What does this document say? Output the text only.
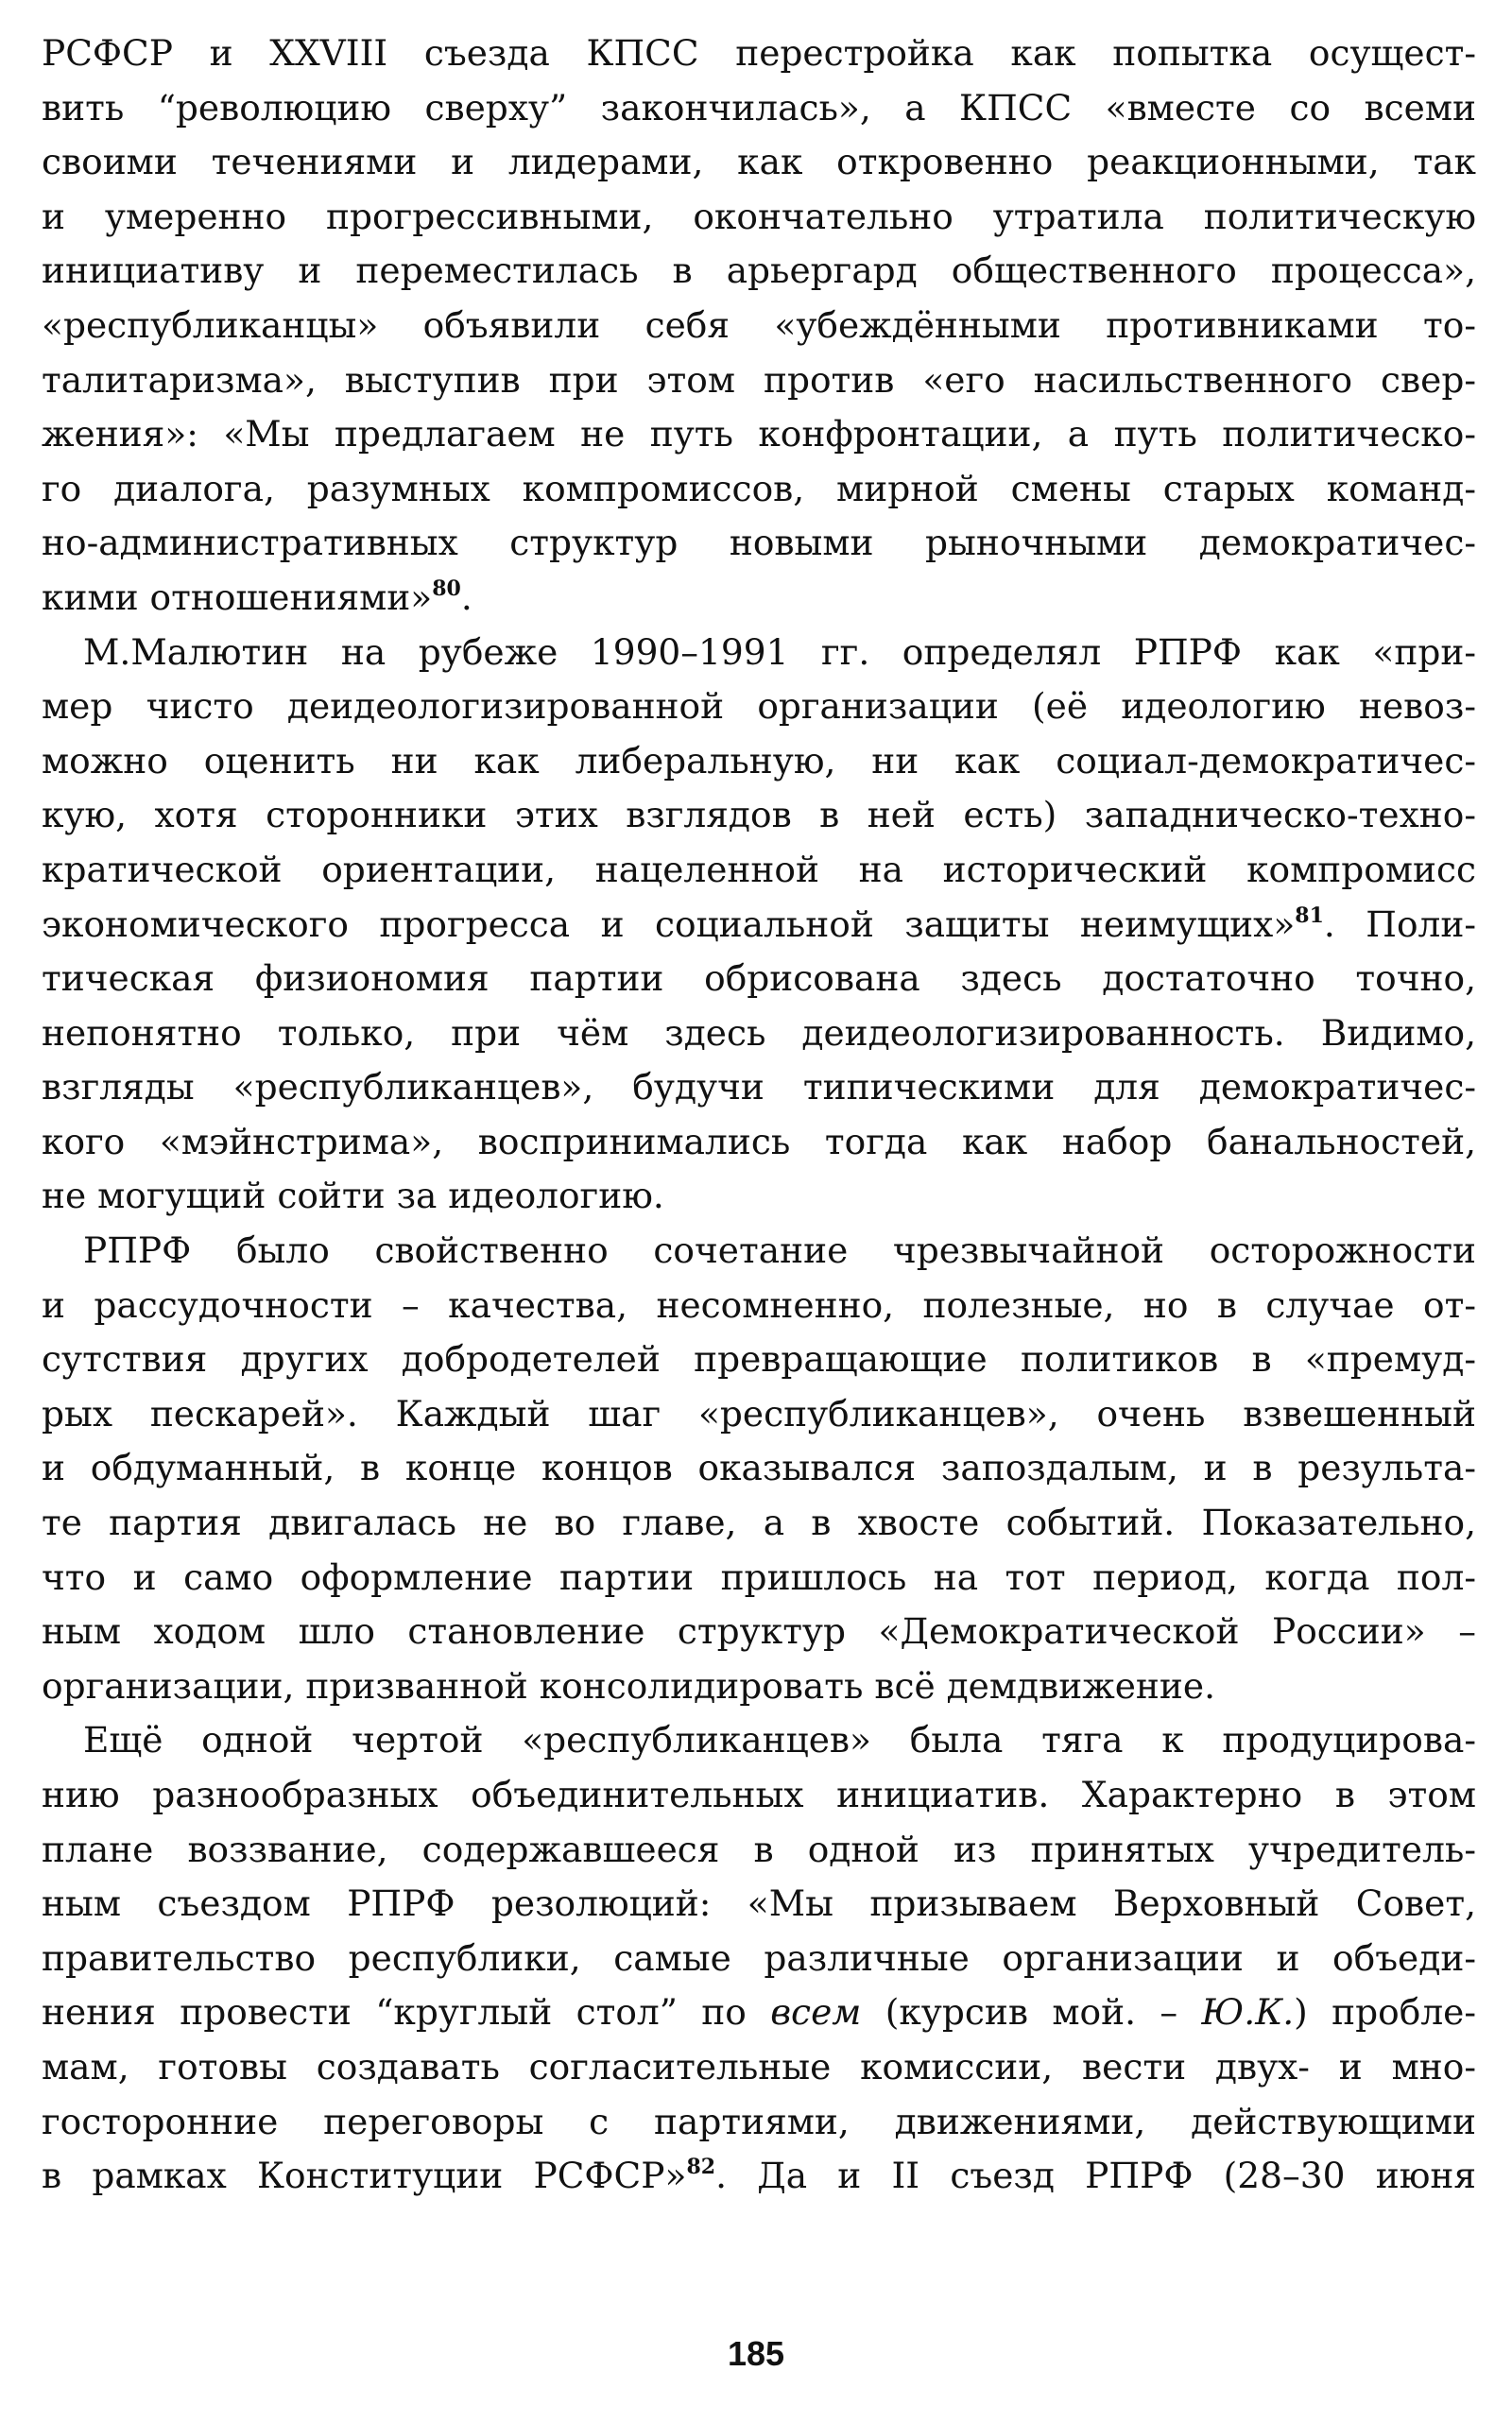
РСФСР и XXVIII съезда КПСС перестройка как попытка осущест-
вить “революцию сверху” закончилась», а КПСС «вместе со всеми
своими течениями и лидерами, как откровенно реакционными, так
и умеренно прогрессивными, окончательно утратила политическую
инициативу и переместилась в арьергард общественного процесса»,
«республиканцы» объявили себя «убеждёнными противниками то-
талитаризма», выступив при этом против «его насильственного свер-
жения»: «Мы предлагаем не путь конфронтации, а путь политическо-
го диалога, разумных компромиссов, мирной смены старых команд-
но-административных структур новыми рыночными демократичес-
кими отношениями»$^{80}$.
М.Малютин на рубеже 1990–1991 гг. определял РПРФ как «при-
мер чисто деидеологизированной организации (её идеологию невоз-
можно оценить ни как либеральную, ни как социал-демократичес-
кую, хотя сторонники этих взглядов в ней есть) западническо-техно-
кратической ориентации, нацеленной на исторический компромисс
экономического прогресса и социальной защиты неимущих»$^{81}$. Поли-
тическая физиономия партии обрисована здесь достаточно точно,
непонятно только, при чём здесь деидеологизированность. Видимо,
взгляды «республиканцев», будучи типическими для демократичес-
кого «мэйнстрима», воспринимались тогда как набор банальностей,
не могущий сойти за идеологию.
РПРФ было свойственно сочетание чрезвычайной осторожности
и рассудочности – качества, несомненно, полезные, но в случае от-
сутствия других добродетелей превращающие политиков в «премуд-
рых пескарей». Каждый шаг «республиканцев», очень взвешенный
и обдуманный, в конце концов оказывался запоздалым, и в результа-
те партия двигалась не во главе, а в хвосте событий. Показательно,
что и само оформление партии пришлось на тот период, когда пол-
ным ходом шло становление структур «Демократической России» –
организации, призванной консолидировать всё демдвижение.
Ещё одной чертой «республиканцев» была тяга к продуцирова-
нию разнообразных объединительных инициатив. Характерно в этом
плане воззвание, содержавшееся в одной из принятых учредитель-
ным съездом РПРФ резолюций: «Мы призываем Верховный Совет,
правительство республики, самые различные организации и объеди-
нения провести “круглый стол” по всем (курсив мой. – Ю.К.) пробле-
мам, готовы создавать согласительные комиссии, вести двух- и мно-
госторонние переговоры с партиями, движениями, действующими
в рамках Конституции РСФСР»$^{82}$. Да и II съезд РПРФ (28–30 июня
185
